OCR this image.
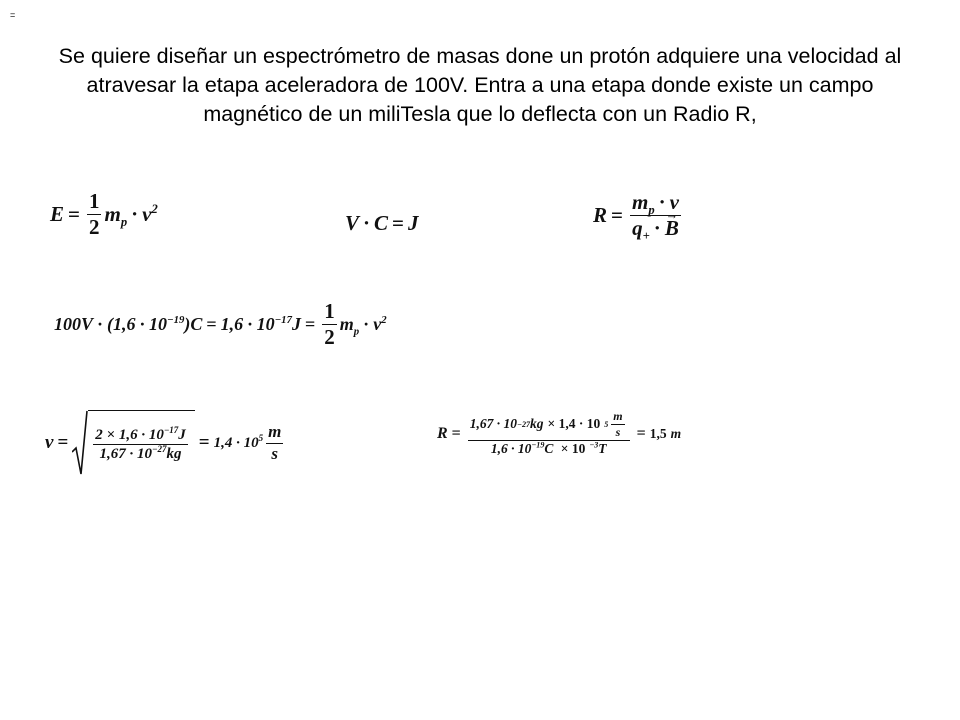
=
Se quiere diseñar un espectrómetro de masas done un protón adquiere una velocidad al atravesar la etapa aceleradora de 100V. Entra a una etapa donde existe un campo magnético de un miliTesla que lo deflecta con un Radio R,
$E = \frac{1}{2} m_p \cdot v^2$
V · C = J	$R = \frac{m_p \cdot v}{q_+ \cdot\to B}$
$100V \cdot (1,6 \cdot 10^{-19})C = 1,6 \cdot 10^{-17}J = \frac{1}{2} m_p \cdot v^2$
$v = \frac{2 \times 1,6 \cdot 10^{-17}J}{1,67 \cdot 10^{-27}kg} = 1,4 \cdot 10^5 \frac{m}{s}$	$R = \frac{1,67 \cdot 10 -27 kg \times 1,4 \cdot 10 5 \frac{m}{s}}{1,6 \cdot 10^{-19}C \times 10 ^{-3}T} = 1,5$ m
